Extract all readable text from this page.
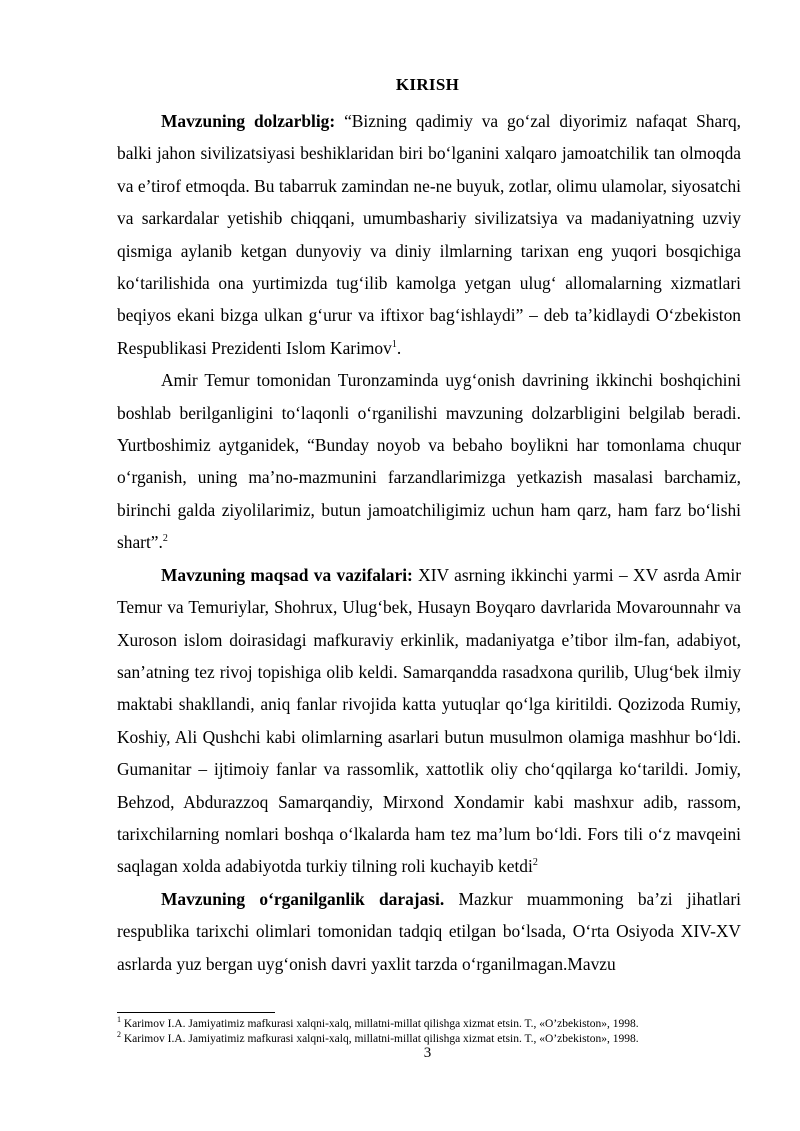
KIRISH

Mavzuning dolzarblig: “Bizning qadimiy va go‘zal diyorimiz nafaqat Sharq, balki jahon sivilizatsiyasi beshiklaridan biri bo‘lganini xalqaro jamoatchilik tan olmoqda va e’tirof etmoqda. Bu tabarruk zamindan ne-ne buyuk, zotlar, olimu ulamolar, siyosatchi va sarkardalar yetishib chiqqani, umumbashariy sivilizatsiya va madaniyatning uzviy qismiga aylanib ketgan dunyoviy va diniy ilmlarning tarixan eng yuqori bosqichiga ko‘tarilishida ona yurtimizda tug‘ilib kamolga yetgan ulug‘ allomalarning xizmatlari beqiyos ekani bizga ulkan g‘urur va iftixor bag‘ishlaydi” – deb ta’kidlaydi O‘zbekiston Respublikasi Prezidenti Islom Karimov$^1$.

Amir Temur tomonidan Turonzaminda uyg‘onish davrining ikkinchi boshqichini boshlab berilganligini to‘laqonli o‘rganilishi mavzuning dolzarbligini belgilab beradi. Yurtboshimiz aytganidek, “Bunday noyob va bebaho boylikni har tomonlama chuqur o‘rganish, uning ma’no-mazmunini farzandlarimizga yetkazish masalasi barchamiz, birinchi galda ziyolilarimiz, butun jamoatchiligimiz uchun ham qarz, ham farz bo‘lishi shart”.$^2$

Mavzuning maqsad va vazifalari: XIV asrning ikkinchi yarmi – XV asrda Amir Temur va Temuriylar, Shohrux, Ulug‘bek, Husayn Boyqaro davrlarida Movarounnahr va Xuroson islom doirasidagi mafkuraviy erkinlik, madaniyatga e’tibor ilm-fan, adabiyot, san’atning tez rivoj topishiga olib keldi. Samarqandda rasadxona qurilib, Ulug‘bek ilmiy maktabi shakllandi, aniq fanlar rivojida katta yutuqlar qo‘lga kiritildi. Qozizoda Rumiy, Koshiy, Ali Qushchi kabi olimlarning asarlari butun musulmon olamiga mashhur bo‘ldi. Gumanitar – ijtimoiy fanlar va rassomlik, xattotlik oliy cho‘qqilarga ko‘tarildi. Jomiy, Behzod, Abdurazzoq Samarqandiy, Mirxond Xondamir kabi mashxur adib, rassom, tarixchilarning nomlari boshqa o‘lkalarda ham tez ma’lum bo‘ldi. Fors tili o‘z mavqeini saqlagan xolda adabiyotda turkiy tilning roli kuchayib ketdi$^2$

Mavzuning o‘rganilganlik darajasi. Mazkur muammoning ba’zi jihatlari respublika tarixchi olimlari tomonidan tadqiq etilgan bo‘lsada, O‘rta Osiyoda XIV-XV asrlarda yuz bergan uyg‘onish davri yaxlit tarzda o‘rganilmagan.Mavzu

$^1$ Karimov I.A. Jamiyatimiz mafkurasi xalqni-xalq, millatni-millat qilishga xizmat etsin. T., «O’zbekiston», 1998.
$^2$ Karimov I.A. Jamiyatimiz mafkurasi xalqni-xalq, millatni-millat qilishga xizmat etsin. T., «O’zbekiston», 1998.
3
